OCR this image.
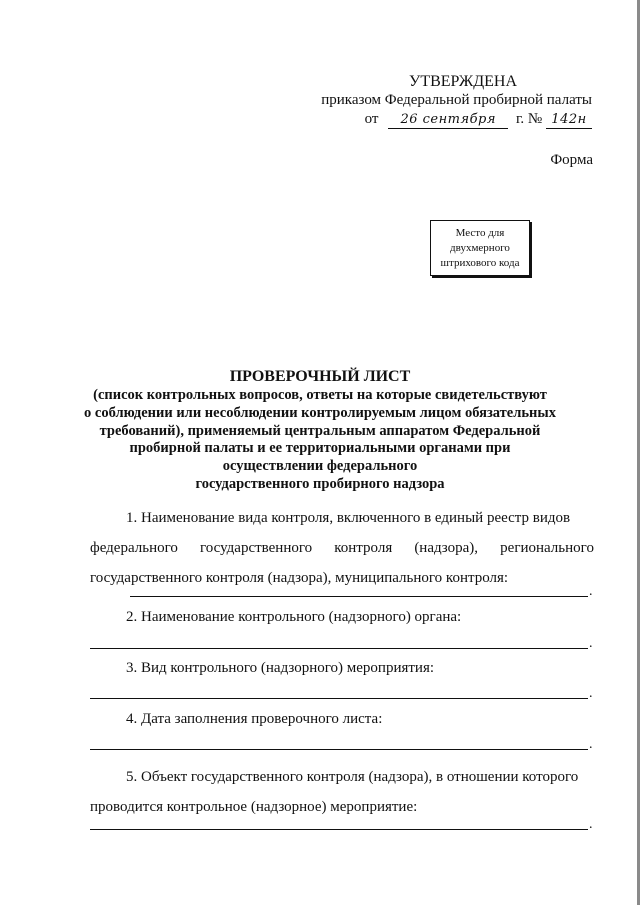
УТВЕРЖДЕНА
приказом Федеральной пробирной палаты
от 26 сентября г. № 142н
Форма
Место для
двухмерного
штрихового кода
ПРОВЕРОЧНЫЙ ЛИСТ
(список контрольных вопросов, ответы на которые свидетельствуют
о соблюдении или несоблюдении контролируемым лицом обязательных
требований), применяемый центральным аппаратом Федеральной
пробирной палаты и ее территориальными органами при
осуществлении федерального
государственного пробирного надзора
1. Наименование вида контроля, включенного в единый реестр видов
федерального государственного контроля (надзора), регионального
государственного контроля (надзора), муниципального контроля:
.

2. Наименование контрольного (надзорного) органа:

.

3. Вид контрольного (надзорного) мероприятия:

.

4. Дата заполнения проверочного листа:

.
5. Объект государственного контроля (надзора), в отношении которого
проводится контрольное (надзорное) мероприятие:
.
